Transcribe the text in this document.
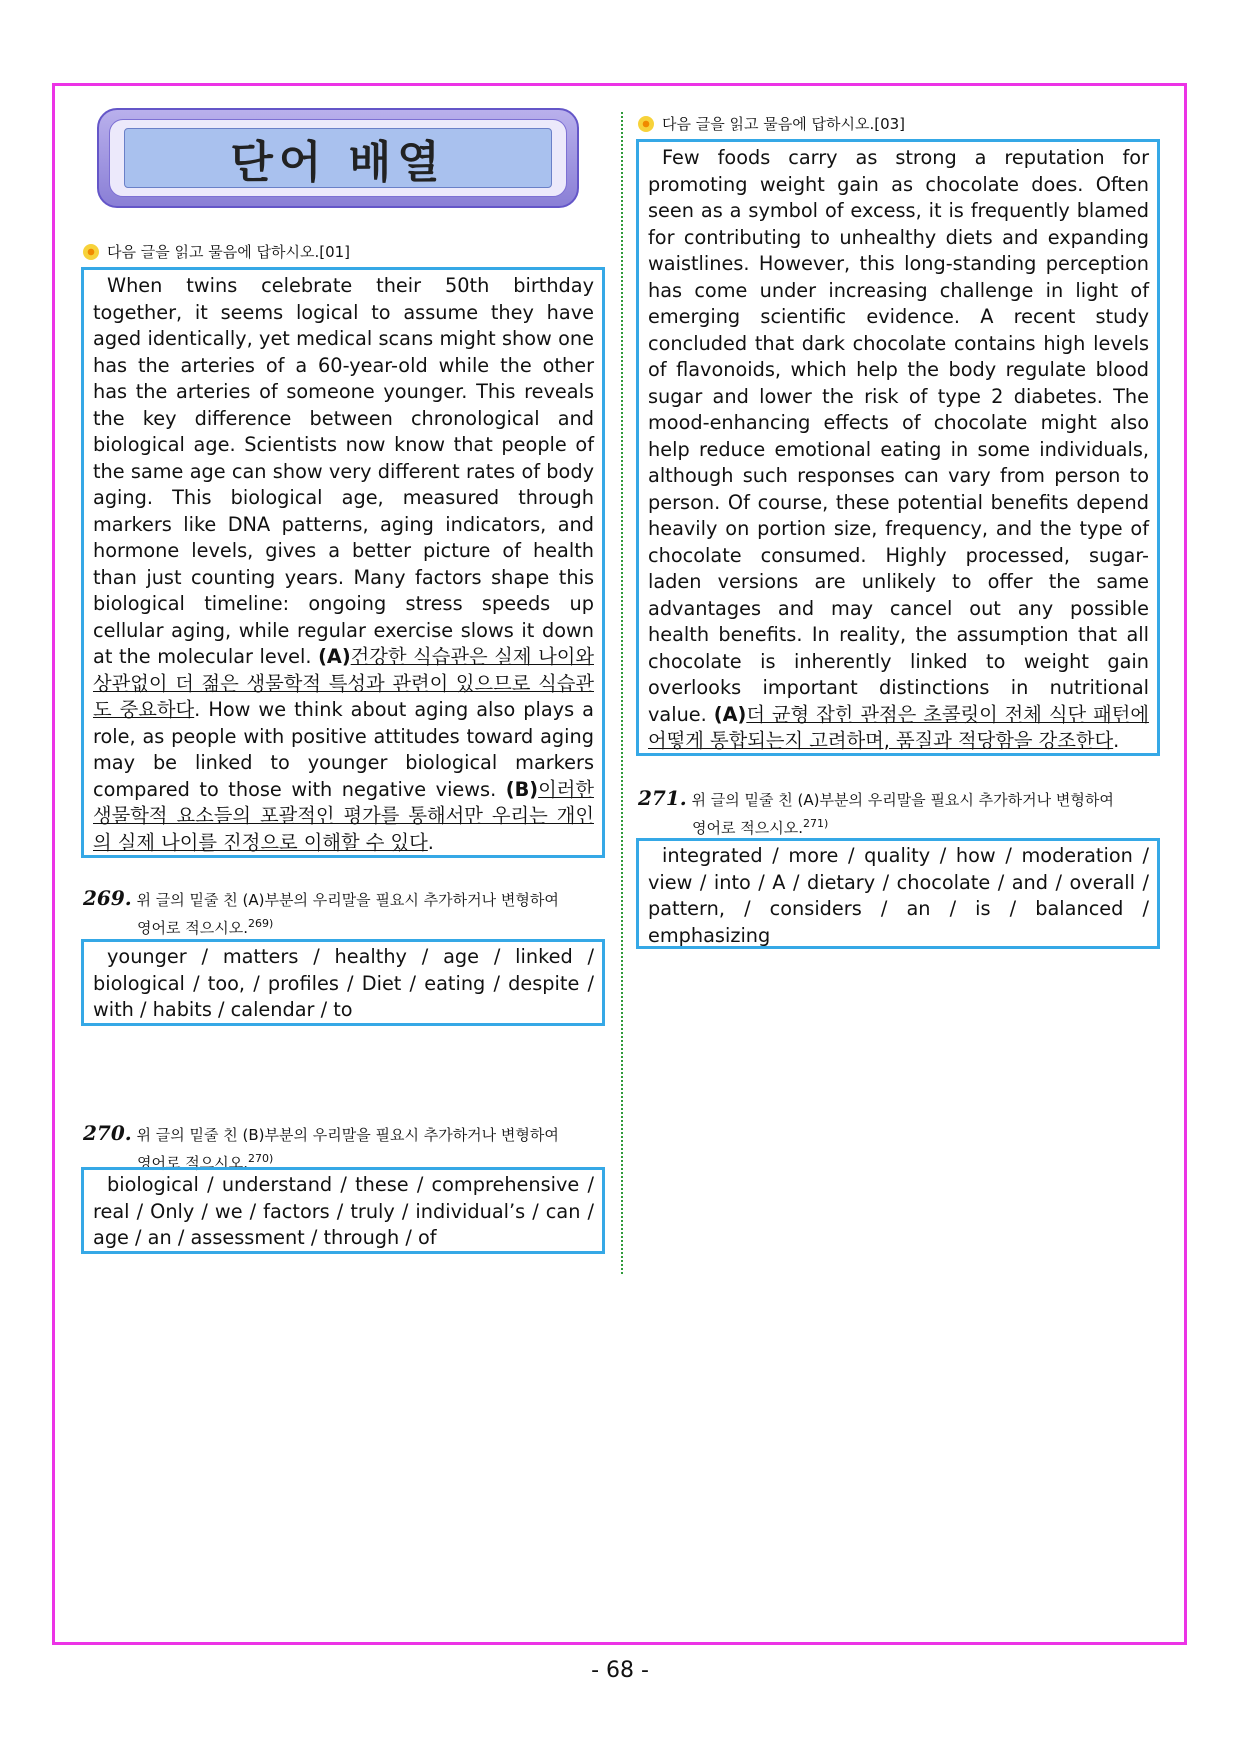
단어 배열
다음 글을 읽고 물음에 답하시오.[01]

When twins celebrate their 50th birthday together, it seems logical to assume they have aged identically, yet medical scans might show one has the arteries of a 60-year-old while the other has the arteries of someone younger. This reveals the key difference between chronological and biological age. Scientists now know that people of the same age can show very different rates of body aging. This biological age, measured through markers like DNA patterns, aging indicators, and hormone levels, gives a better picture of health than just counting years. Many factors shape this biological timeline: ongoing stress speeds up cellular aging, while regular exercise slows it down at the molecular level. (A)건강한 식습관은 실제 나이와 상관없이 더 젊은 생물학적 특성과 관련이 있으므로 식습관도 중요하다. How we think about aging also plays a role, as people with positive attitudes toward aging may be linked to younger biological markers compared to those with negative views. (B)이러한 생물학적 요소들의 포괄적인 평가를 통해서만 우리는 개인의 실제 나이를 진정으로 이해할 수 있다.

269. 위 글의 밑줄 친 (A)부분의 우리말을 필요시 추가하거나 변형하여
영어로 적으시오.$^{269)}$

younger / matters / healthy / age / linked / biological / too, / profiles / Diet / eating / despite / with / habits / calendar / to

270. 위 글의 밑줄 친 (B)부분의 우리말을 필요시 추가하거나 변형하여
영어로 적으시오.$^{270)}$

biological / understand / these / comprehensive / real / Only / we / factors / truly / individual’s / can / age / an / assessment / through / of

다음 글을 읽고 물음에 답하시오.[03]

Few foods carry as strong a reputation for promoting weight gain as chocolate does. Often seen as a symbol of excess, it is frequently blamed for contributing to unhealthy diets and expanding waistlines. However, this long-standing perception has come under increasing challenge in light of emerging scientific evidence. A recent study concluded that dark chocolate contains high levels of flavonoids, which help the body regulate blood sugar and lower the risk of type 2 diabetes. The mood-enhancing effects of chocolate might also help reduce emotional eating in some individuals, although such responses can vary from person to person. Of course, these potential benefits depend heavily on portion size, frequency, and the type of chocolate consumed. Highly processed, sugar-laden versions are unlikely to offer the same advantages and may cancel out any possible health benefits. In reality, the assumption that all chocolate is inherently linked to weight gain overlooks important distinctions in nutritional value. (A)더 균형 잡힌 관점은 초콜릿이 전체 식단 패턴에 어떻게 통합되는지 고려하며, 품질과 적당함을 강조한다.

271. 위 글의 밑줄 친 (A)부분의 우리말을 필요시 추가하거나 변형하여
영어로 적으시오.$^{271)}$

integrated / more / quality / how / moderation / view / into / A / dietary / chocolate / and / overall / pattern, / considers / an / is / balanced / emphasizing

- 68 -
